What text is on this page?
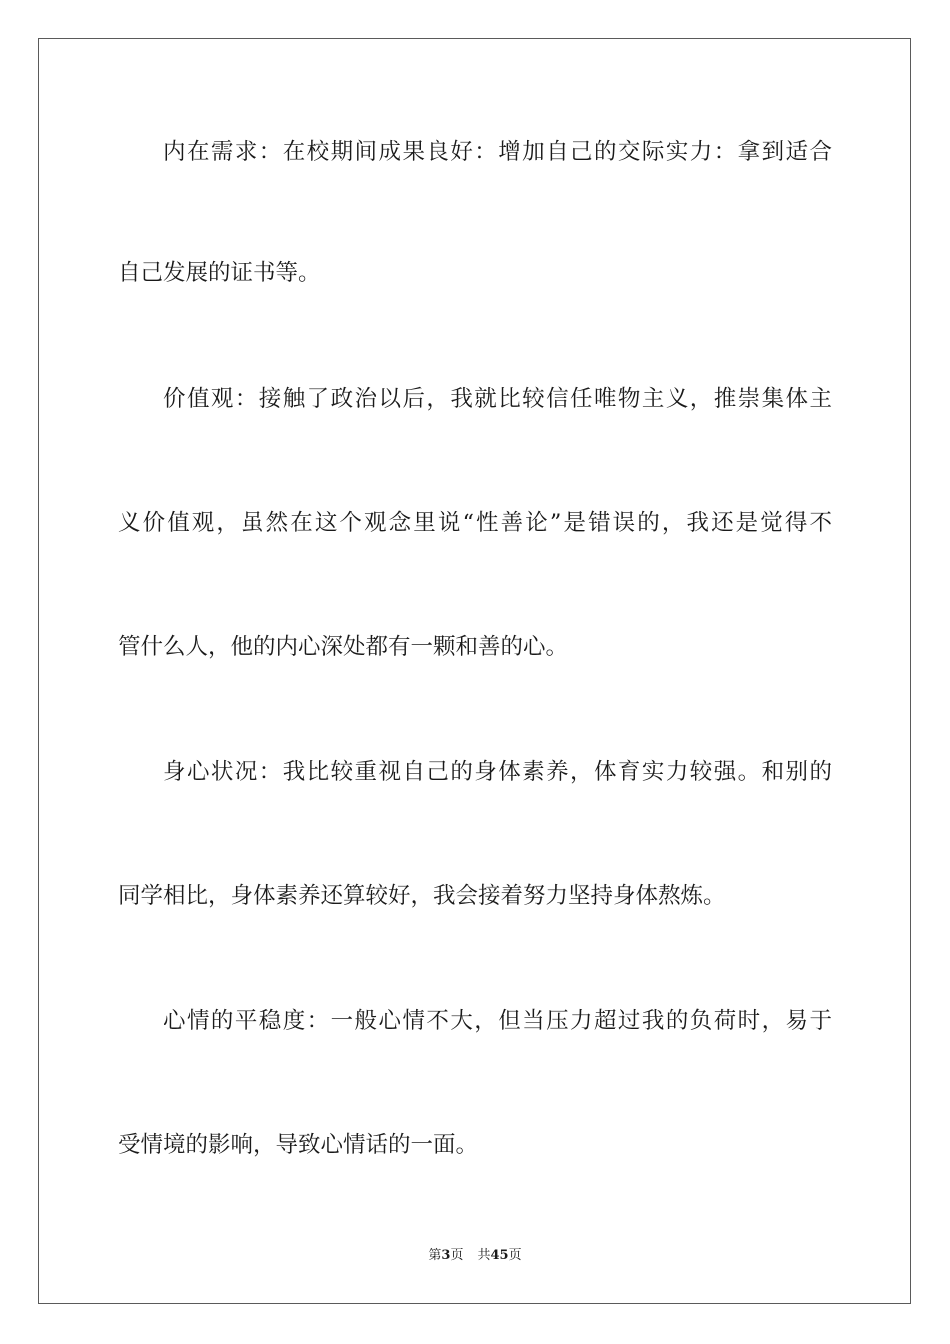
内在需求：在校期间成果良好：增加自己的交际实力：拿到适合
自己发展的证书等。
价值观：接触了政治以后，我就比较信任唯物主义，推崇集体主
义价值观，虽然在这个观念里说“性善论”是错误的，我还是觉得不
管什么人，他的内心深处都有一颗和善的心。
身心状况：我比较重视自己的身体素养，体育实力较强。和别的
同学相比，身体素养还算较好，我会接着努力坚持身体熬炼。
心情的平稳度：一般心情不大，但当压力超过我的负荷时，易于
受情境的影响，导致心情话的一面。
第3页 共45页
